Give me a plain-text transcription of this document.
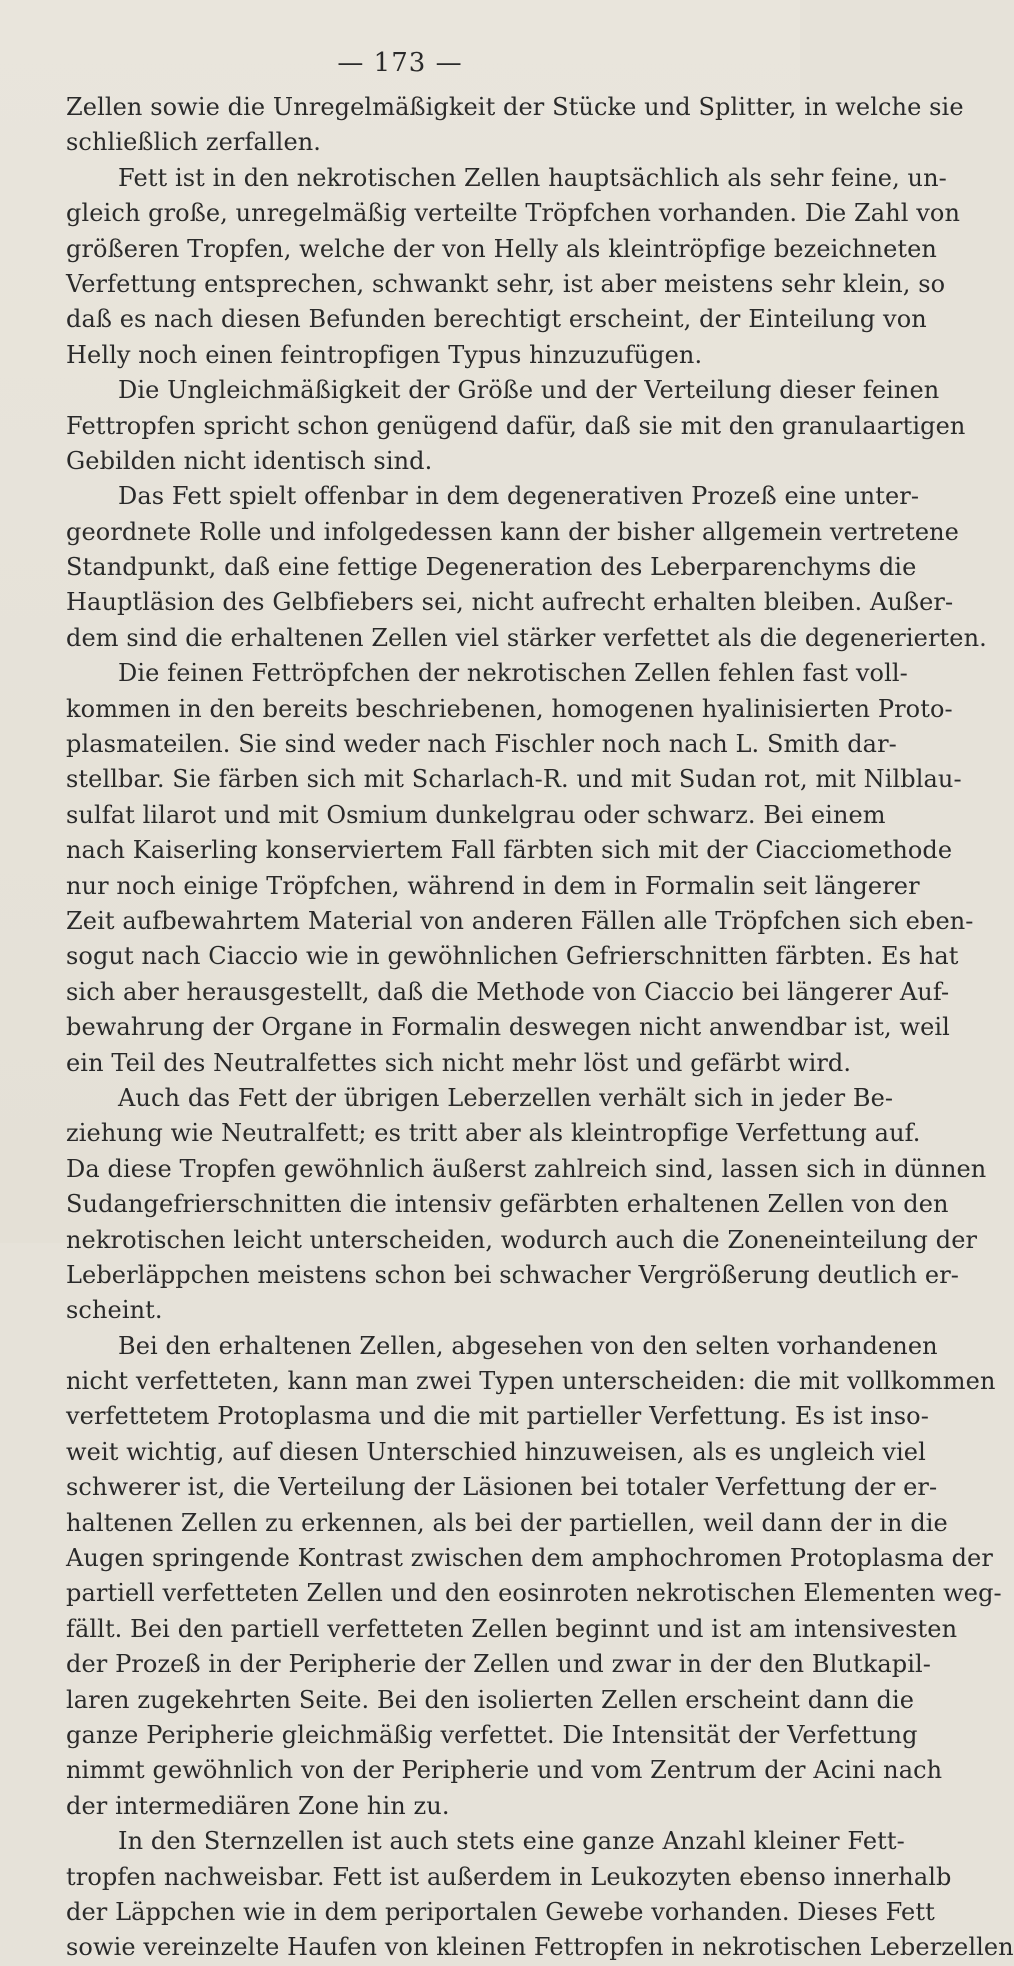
— 173 —
Zellen sowie die Unregelmäßigkeit der Stücke und Splitter, in welche sie
schließlich zerfallen.
Fett ist in den nekrotischen Zellen hauptsächlich als sehr feine, un-
gleich große, unregelmäßig verteilte Tröpfchen vorhanden. Die Zahl von
größeren Tropfen, welche der von Helly als kleintröpfige bezeichneten
Verfettung entsprechen, schwankt sehr, ist aber meistens sehr klein, so
daß es nach diesen Befunden berechtigt erscheint, der Einteilung von
Helly noch einen feintropfigen Typus hinzuzufügen.
Die Ungleichmäßigkeit der Größe und der Verteilung dieser feinen
Fettropfen spricht schon genügend dafür, daß sie mit den granulaartigen
Gebilden nicht identisch sind.
Das Fett spielt offenbar in dem degenerativen Prozeß eine unter-
geordnete Rolle und infolgedessen kann der bisher allgemein vertretene
Standpunkt, daß eine fettige Degeneration des Leberparenchyms die
Hauptläsion des Gelbfiebers sei, nicht aufrecht erhalten bleiben. Außer-
dem sind die erhaltenen Zellen viel stärker verfettet als die degenerierten.
Die feinen Fettröpfchen der nekrotischen Zellen fehlen fast voll-
kommen in den bereits beschriebenen, homogenen hyalinisierten Proto-
plasmateilen. Sie sind weder nach Fischler noch nach L. Smith dar-
stellbar. Sie färben sich mit Scharlach-R. und mit Sudan rot, mit Nilblau-
sulfat lilarot und mit Osmium dunkelgrau oder schwarz. Bei einem
nach Kaiserling konserviertem Fall färbten sich mit der Ciacciomethode
nur noch einige Tröpfchen, während in dem in Formalin seit längerer
Zeit aufbewahrtem Material von anderen Fällen alle Tröpfchen sich eben-
sogut nach Ciaccio wie in gewöhnlichen Gefrierschnitten färbten. Es hat
sich aber herausgestellt, daß die Methode von Ciaccio bei längerer Auf-
bewahrung der Organe in Formalin deswegen nicht anwendbar ist, weil
ein Teil des Neutralfettes sich nicht mehr löst und gefärbt wird.
Auch das Fett der übrigen Leberzellen verhält sich in jeder Be-
ziehung wie Neutralfett; es tritt aber als kleintropfige Verfettung auf.
Da diese Tropfen gewöhnlich äußerst zahlreich sind, lassen sich in dünnen
Sudangefrierschnitten die intensiv gefärbten erhaltenen Zellen von den
nekrotischen leicht unterscheiden, wodurch auch die Zoneneinteilung der
Leberläppchen meistens schon bei schwacher Vergrößerung deutlich er-
scheint.
Bei den erhaltenen Zellen, abgesehen von den selten vorhandenen
nicht verfetteten, kann man zwei Typen unterscheiden: die mit vollkommen
verfettetem Protoplasma und die mit partieller Verfettung. Es ist inso-
weit wichtig, auf diesen Unterschied hinzuweisen, als es ungleich viel
schwerer ist, die Verteilung der Läsionen bei totaler Verfettung der er-
haltenen Zellen zu erkennen, als bei der partiellen, weil dann der in die
Augen springende Kontrast zwischen dem amphochromen Protoplasma der
partiell verfetteten Zellen und den eosinroten nekrotischen Elementen weg-
fällt. Bei den partiell verfetteten Zellen beginnt und ist am intensivesten
der Prozeß in der Peripherie der Zellen und zwar in der den Blutkapil-
laren zugekehrten Seite. Bei den isolierten Zellen erscheint dann die
ganze Peripherie gleichmäßig verfettet. Die Intensität der Verfettung
nimmt gewöhnlich von der Peripherie und vom Zentrum der Acini nach
der intermediären Zone hin zu.
In den Sternzellen ist auch stets eine ganze Anzahl kleiner Fett-
tropfen nachweisbar. Fett ist außerdem in Leukozyten ebenso innerhalb
der Läppchen wie in dem periportalen Gewebe vorhanden. Dieses Fett
sowie vereinzelte Haufen von kleinen Fettropfen in nekrotischen Leberzellen
